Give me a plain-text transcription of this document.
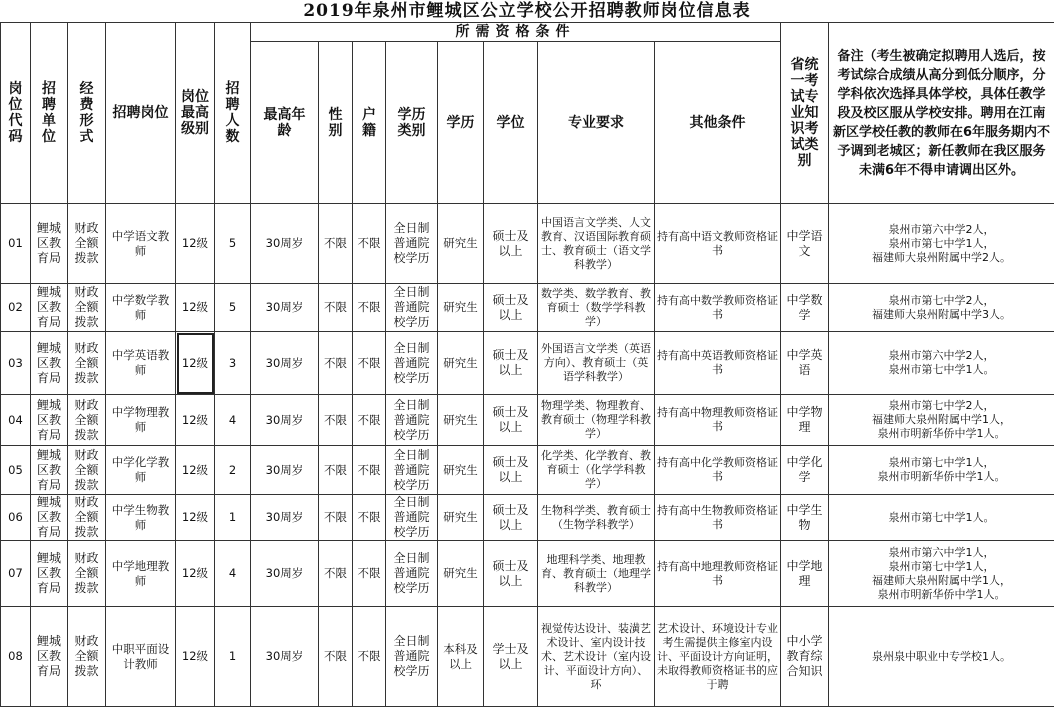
2019年泉州市鲤城区公立学校公开招聘教师岗位信息表
岗位代码	招聘单位	经费形式	招聘岗位	岗位最高级别	招聘人数	所需资格条件								省统一考试专业知识考试类别	备注（考生被确定拟聘用人选后，按考试综合成绩从高分到低分顺序，分学科依次选择具体学校，具体任教学段及校区服从学校安排。聘用在江南新区学校任教的教师在6年服务期内不予调到老城区；新任教师在我区服务未满6年不得申请调出区外。
						最高年龄	性别	户籍	学历类别	学历	学位	专业要求	其他条件		
01	鲤城区教育局	财政全额拨款	中学语文教师	12级	5	30周岁	不限	不限	全日制普通院校学历	研究生	硕士及以上	中国语言文学类、人文教育、汉语国际教育硕士、教育硕士（语文学科教学）	持有高中语文教师资格证书	中学语文	泉州市第六中学2人，
泉州市第七中学1人，
福建师大泉州附属中学2人。

02	鲤城区教育局	财政全额拨款	中学数学教师	12级	5	30周岁	不限	不限	全日制普通院校学历	研究生	硕士及以上	数学类、数学教育、教育硕士（数学学科教学）	持有高中数学教师资格证书	中学数学	泉州市第七中学2人，
福建师大泉州附属中学3人。

03	鲤城区教育局	财政全额拨款	中学英语教师	12级	3	30周岁	不限	不限	全日制普通院校学历	研究生	硕士及以上	外国语言文学类（英语方向）、教育硕士（英语学科教学）	持有高中英语教师资格证书	中学英语	泉州市第六中学2人，
泉州市第七中学1人。

04	鲤城区教育局	财政全额拨款	中学物理教师	12级	4	30周岁	不限	不限	全日制普通院校学历	研究生	硕士及以上	物理学类、物理教育、教育硕士（物理学科教学）	持有高中物理教师资格证书	中学物理	泉州市第七中学2人，
福建师大泉州附属中学1人，
泉州市明新华侨中学1人。

05	鲤城区教育局	财政全额拨款	中学化学教师	12级	2	30周岁	不限	不限	全日制普通院校学历	研究生	硕士及以上	化学类、化学教育、教育硕士（化学学科教学）	持有高中化学教师资格证书	中学化学	泉州市第七中学1人，
泉州市明新华侨中学1人。

06	鲤城区教育局	财政全额拨款	中学生物教师	12级	1	30周岁	不限	不限	全日制普通院校学历	研究生	硕士及以上	生物科学类、教育硕士（生物学科教学）	持有高中生物教师资格证书	中学生物	泉州市第七中学1人。

07	鲤城区教育局	财政全额拨款	中学地理教师	12级	4	30周岁	不限	不限	全日制普通院校学历	研究生	硕士及以上	地理科学类、地理教育、教育硕士（地理学科教学）	持有高中地理教师资格证书	中学地理	泉州市第六中学1人，
泉州市第七中学1人，
福建师大泉州附属中学1人，
泉州市明新华侨中学1人。

08	鲤城区教育局	财政全额拨款	中职平面设计教师	12级	1	30周岁	不限	不限	全日制普通院校学历	本科及以上	学士及以上	视觉传达设计、装潢艺术设计、室内设计技术、艺术设计（室内设计、平面设计方向）、环	艺术设计、环境设计专业考生需提供主修室内设计、平面设计方向证明，未取得教师资格证书的应于聘	中小学教育综合知识	泉州泉中职业中专学校1人。
